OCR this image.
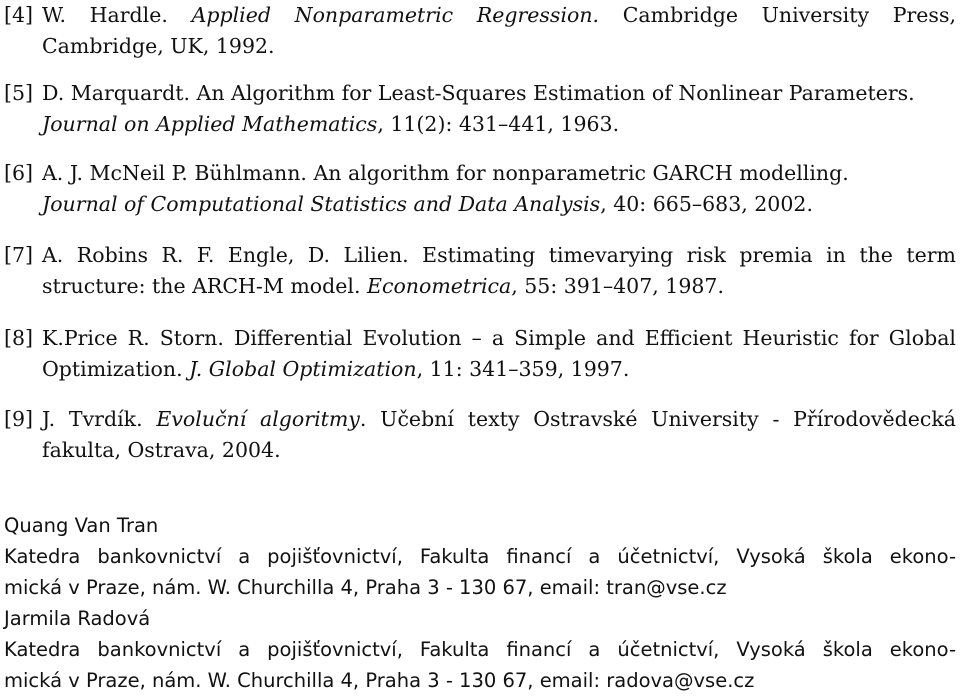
[4] W. Hardle. Applied Nonparametric Regression. Cambridge University Press,
Cambridge, UK, 1992.
[5] D. Marquardt. An Algorithm for Least-Squares Estimation of Nonlinear Parameters.
Journal on Applied Mathematics, 11(2): 431–441, 1963.
[6] A. J. McNeil P. Bühlmann. An algorithm for nonparametric GARCH modelling.
Journal of Computational Statistics and Data Analysis, 40: 665–683, 2002.
[7] A. Robins R. F. Engle, D. Lilien. Estimating timevarying risk premia in the term
structure: the ARCH-M model. Econometrica, 55: 391–407, 1987.
[8] K.Price R. Storn. Differential Evolution – a Simple and Efficient Heuristic for Global
Optimization. J. Global Optimization, 11: 341–359, 1997.
[9] J. Tvrdík. Evoluční algoritmy. Učební texty Ostravské University - Přírodovědecká
fakulta, Ostrava, 2004.
Quang Van Tran
Katedra bankovnictví a pojišťovnictví, Fakulta financí a účetnictví, Vysoká škola ekono-
mická v Praze, nám. W. Churchilla 4, Praha 3 - 130 67, email: tran@vse.cz
Jarmila Radová
Katedra bankovnictví a pojišťovnictví, Fakulta financí a účetnictví, Vysoká škola ekono-
mická v Praze, nám. W. Churchilla 4, Praha 3 - 130 67, email: radova@vse.cz
